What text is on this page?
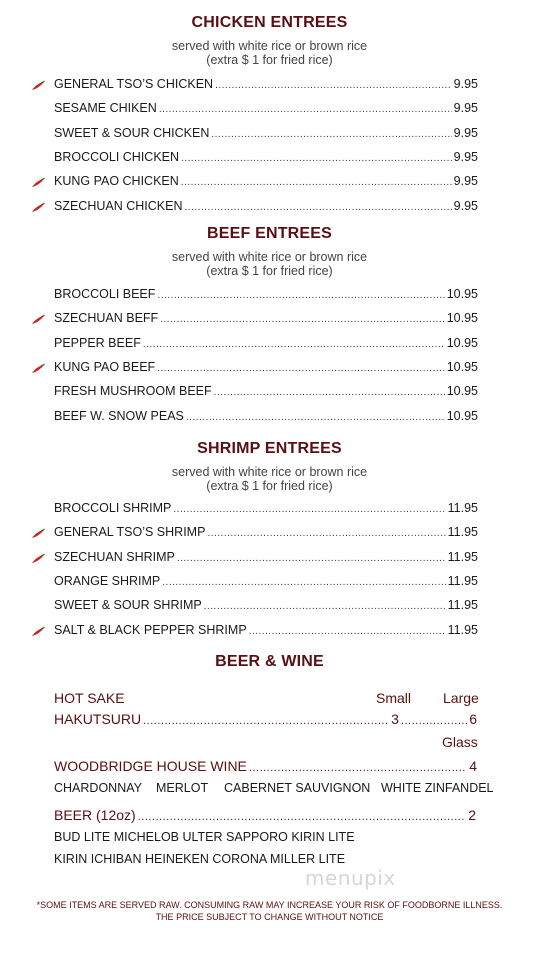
CHICKEN ENTREES
served with white rice or brown rice
(extra $ 1 for fried rice)
GENERAL TSO’S CHICKEN .....	9.95
SESAME CHIKEN .....	9.95
SWEET & SOUR CHICKEN .....	9.95
BROCCOLI CHICKEN .....	9.95
KUNG PAO CHICKEN .....	9.95
SZECHUAN CHICKEN .....	9.95
BEEF ENTREES
served with white rice or brown rice
(extra $ 1 for fried rice)
BROCCOLI BEEF .....	10.95
SZECHUAN BEFF .....	10.95
PEPPER BEEF .....	10.95
KUNG PAO BEEF .....	10.95
FRESH MUSHROOM BEEF .....	10.95
BEEF W. SNOW PEAS .....	10.95
SHRIMP ENTREES
served with white rice or brown rice
(extra $ 1 for fried rice)
BROCCOLI SHRIMP .....	11.95
GENERAL TSO’S SHRIMP .....	11.95
SZECHUAN SHRIMP .....	11.95
ORANGE SHRIMP .....	11.95
SWEET & SOUR SHRIMP .....	11.95
SALT & BLACK PEPPER SHRIMP .....	11.95
BEER & WINE
HOT SAKE	Small Large
HAKUTSURU .....	3 .....	6
Glass
WOODBRIDGE HOUSE WINE .....	4
CHARDONNAY MERLOT CABERNET SAUVIGNON WHITE ZINFANDEL
BEER (12oz) .....	2
BUD LITE MICHELOB ULTER SAPPORO KIRIN LITE
KIRIN ICHIBAN HEINEKEN CORONA MILLER LITE
menupix
*SOME ITEMS ARE SERVED RAW. CONSUMING RAW MAY INCREASE YOUR RISK OF FOODBORNE ILLNESS.
THE PRICE SUBJECT TO CHANGE WITHOUT NOTICE
